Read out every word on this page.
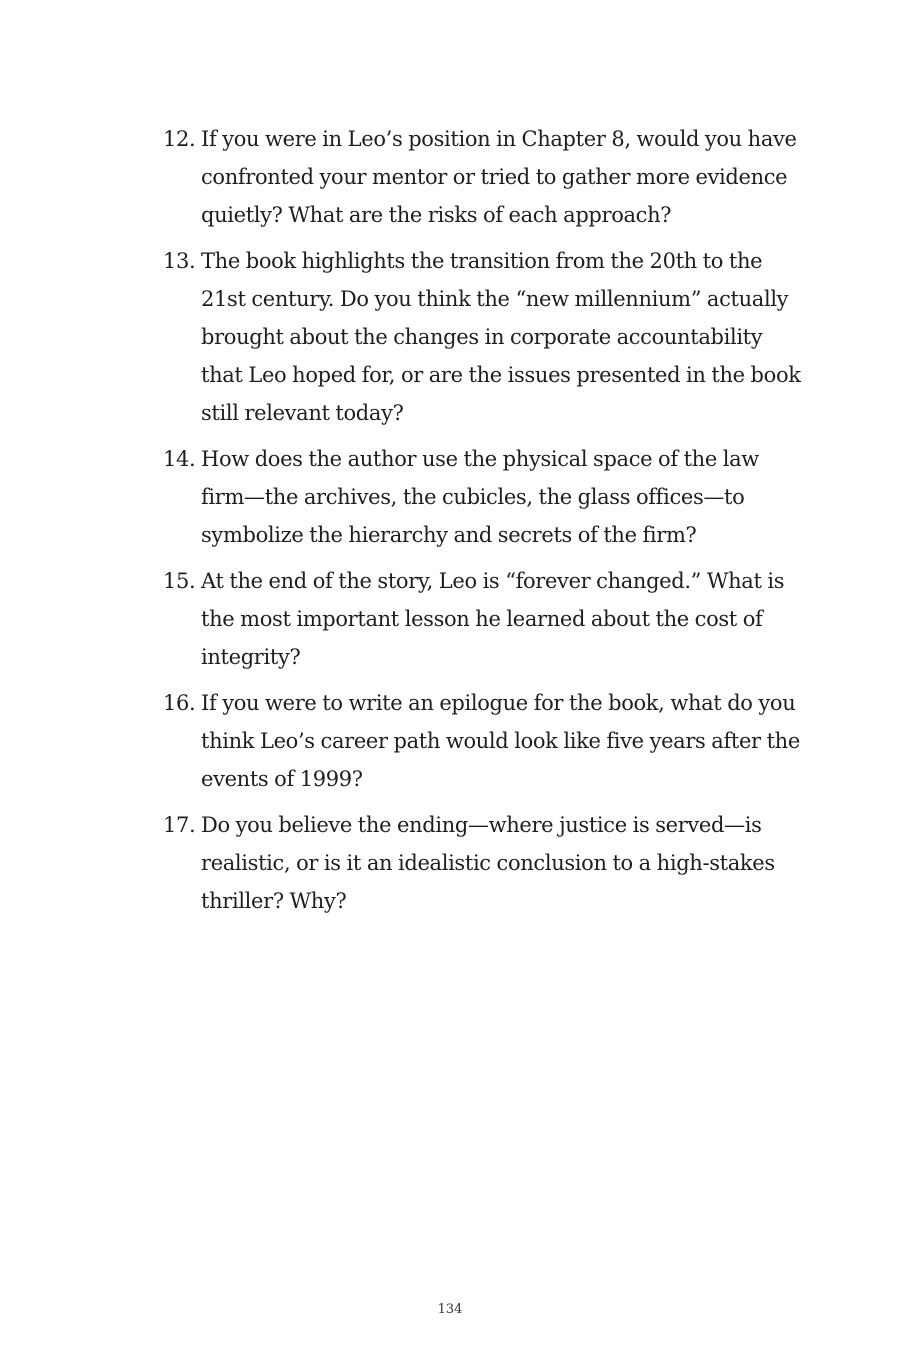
12. If you were in Leo’s position in Chapter 8, would you have confronted your mentor or tried to gather more evidence quietly? What are the risks of each approach?
13. The book highlights the transition from the 20th to the 21st century. Do you think the “new millennium” actually brought about the changes in corporate accountability that Leo hoped for, or are the issues presented in the book still relevant today?
14. How does the author use the physical space of the law firm—the archives, the cubicles, the glass offices—to symbolize the hierarchy and secrets of the firm?
15. At the end of the story, Leo is “forever changed.” What is the most important lesson he learned about the cost of integrity?
16. If you were to write an epilogue for the book, what do you think Leo’s career path would look like five years after the events of 1999?
17. Do you believe the ending—where justice is served—is realistic, or is it an idealistic conclusion to a high-stakes thriller? Why?
134
